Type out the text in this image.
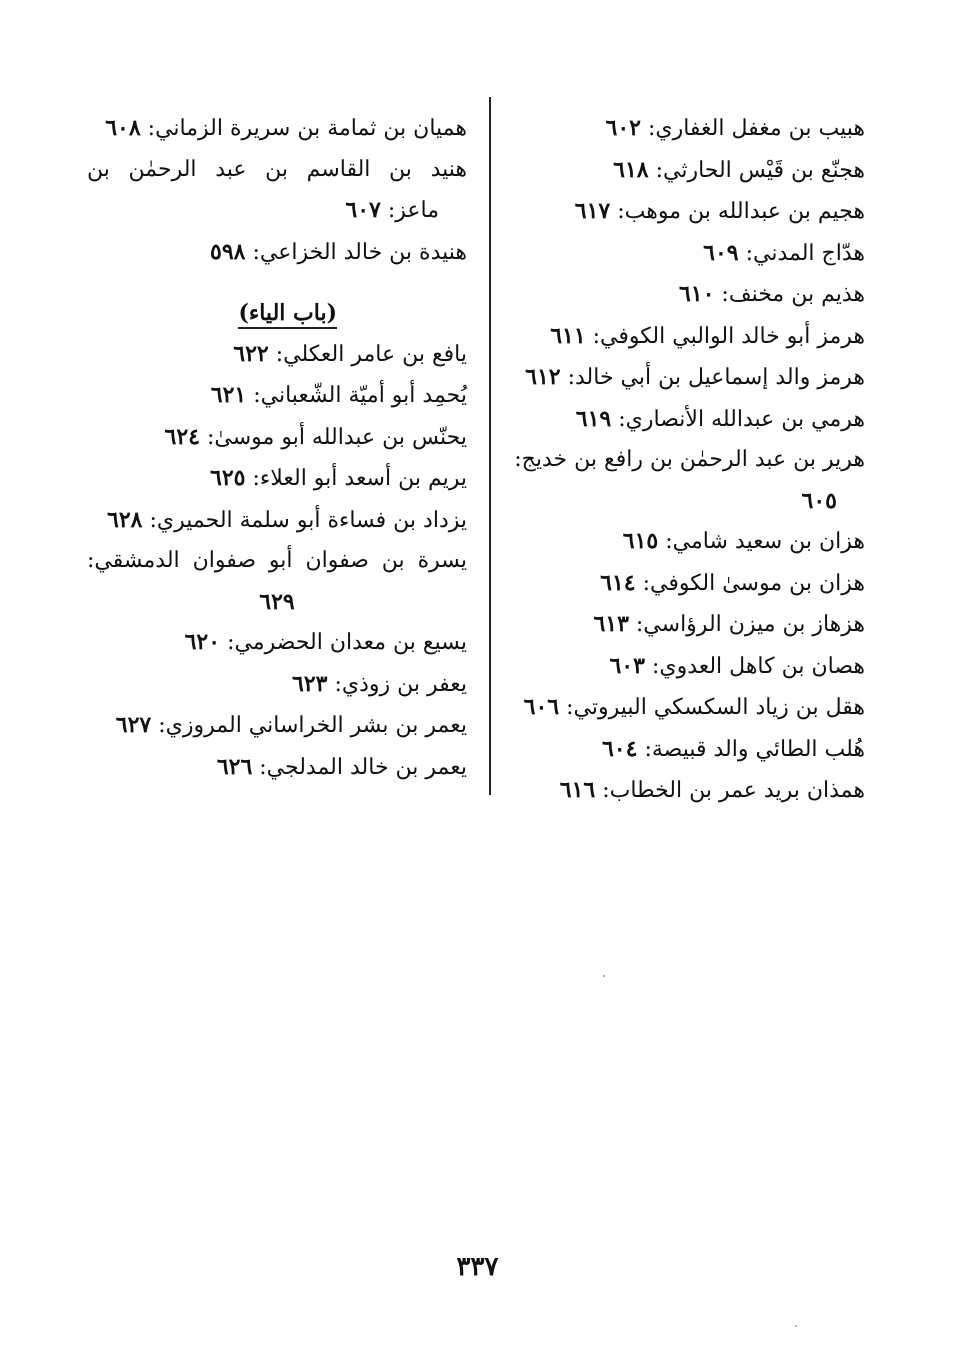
هبيب بن مغفل الغفاري: ٦٠٢
هجنّع بن قَيْس الحارثي: ٦١٨
هجيم بن عبدالله بن موهب: ٦١٧
هدّاج المدني: ٦٠٩
هذيم بن مخنف: ٦١٠
هرمز أبو خالد الوالبي الكوفي: ٦١١
هرمز والد إسماعيل بن أبي خالد: ٦١٢
هرمي بن عبدالله الأنصاري: ٦١٩
هرير بن عبد الرحمٰن بن رافع بن خديج:
٦٠٥
هزان بن سعيد شامي: ٦١٥
هزان بن موسىٰ الكوفي: ٦١٤
هزهاز بن ميزن الرؤاسي: ٦١٣
هصان بن كاهل العدوي: ٦٠٣
هقل بن زياد السكسكي البيروتي: ٦٠٦
هُلب الطائي والد قبيصة: ٦٠٤
همذان بريد عمر بن الخطاب: ٦١٦
هميان بن ثمامة بن سريرة الزماني: ٦٠٨
هنيد بن القاسم بن عبد الرحمٰن بن
ماعز: ٦٠٧
هنيدة بن خالد الخزاعي: ٥٩٨
(باب الياء)
يافع بن عامر العكلي: ٦٢٢
يُحمِد أبو أميّة الشّعباني: ٦٢١
يحنّس بن عبدالله أبو موسىٰ: ٦٢٤
يريم بن أسعد أبو العلاء: ٦٢٥
يزداد بن فساءة أبو سلمة الحميري: ٦٢٨
يسرة بن صفوان أبو صفوان الدمشقي:
٦٢٩
يسيع بن معدان الحضرمي: ٦٢٠
يعفر بن زوذي: ٦٢٣
يعمر بن بشر الخراساني المروزي: ٦٢٧
يعمر بن خالد المدلجي: ٦٢٦
٣٣٧
